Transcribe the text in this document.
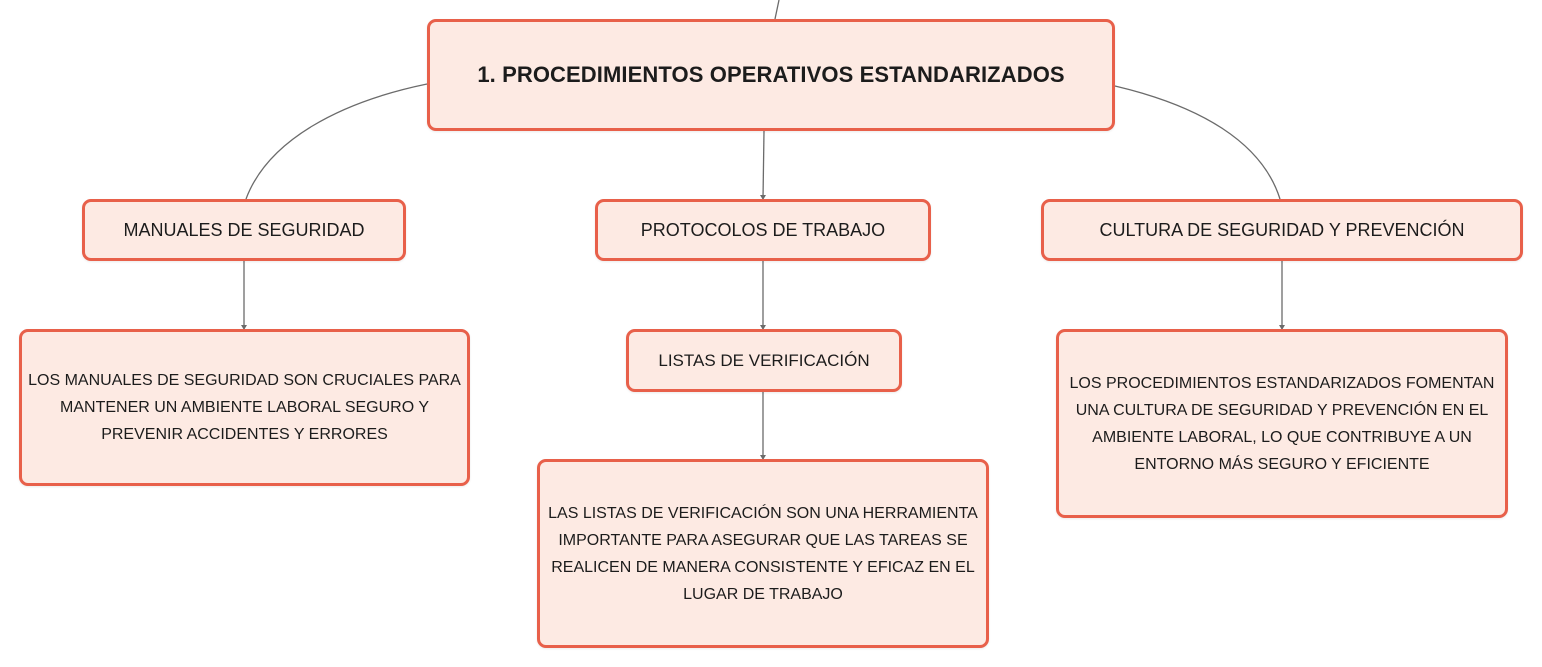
1. PROCEDIMIENTOS OPERATIVOS ESTANDARIZADOS
MANUALES DE SEGURIDAD	PROTOCOLOS DE TRABAJO	CULTURA DE SEGURIDAD Y PREVENCIÓN
LOS MANUALES DE SEGURIDAD SON CRUCIALES PARA MANTENER UN AMBIENTE LABORAL SEGURO Y PREVENIR ACCIDENTES Y ERRORES
LISTAS DE VERIFICACIÓN
LAS LISTAS DE VERIFICACIÓN SON UNA HERRAMIENTA IMPORTANTE PARA ASEGURAR QUE LAS TAREAS SE REALICEN DE MANERA CONSISTENTE Y EFICAZ EN EL LUGAR DE TRABAJO
LOS PROCEDIMIENTOS ESTANDARIZADOS FOMENTAN UNA CULTURA DE SEGURIDAD Y PREVENCIÓN EN EL AMBIENTE LABORAL, LO QUE CONTRIBUYE A UN ENTORNO MÁS SEGURO Y EFICIENTE
